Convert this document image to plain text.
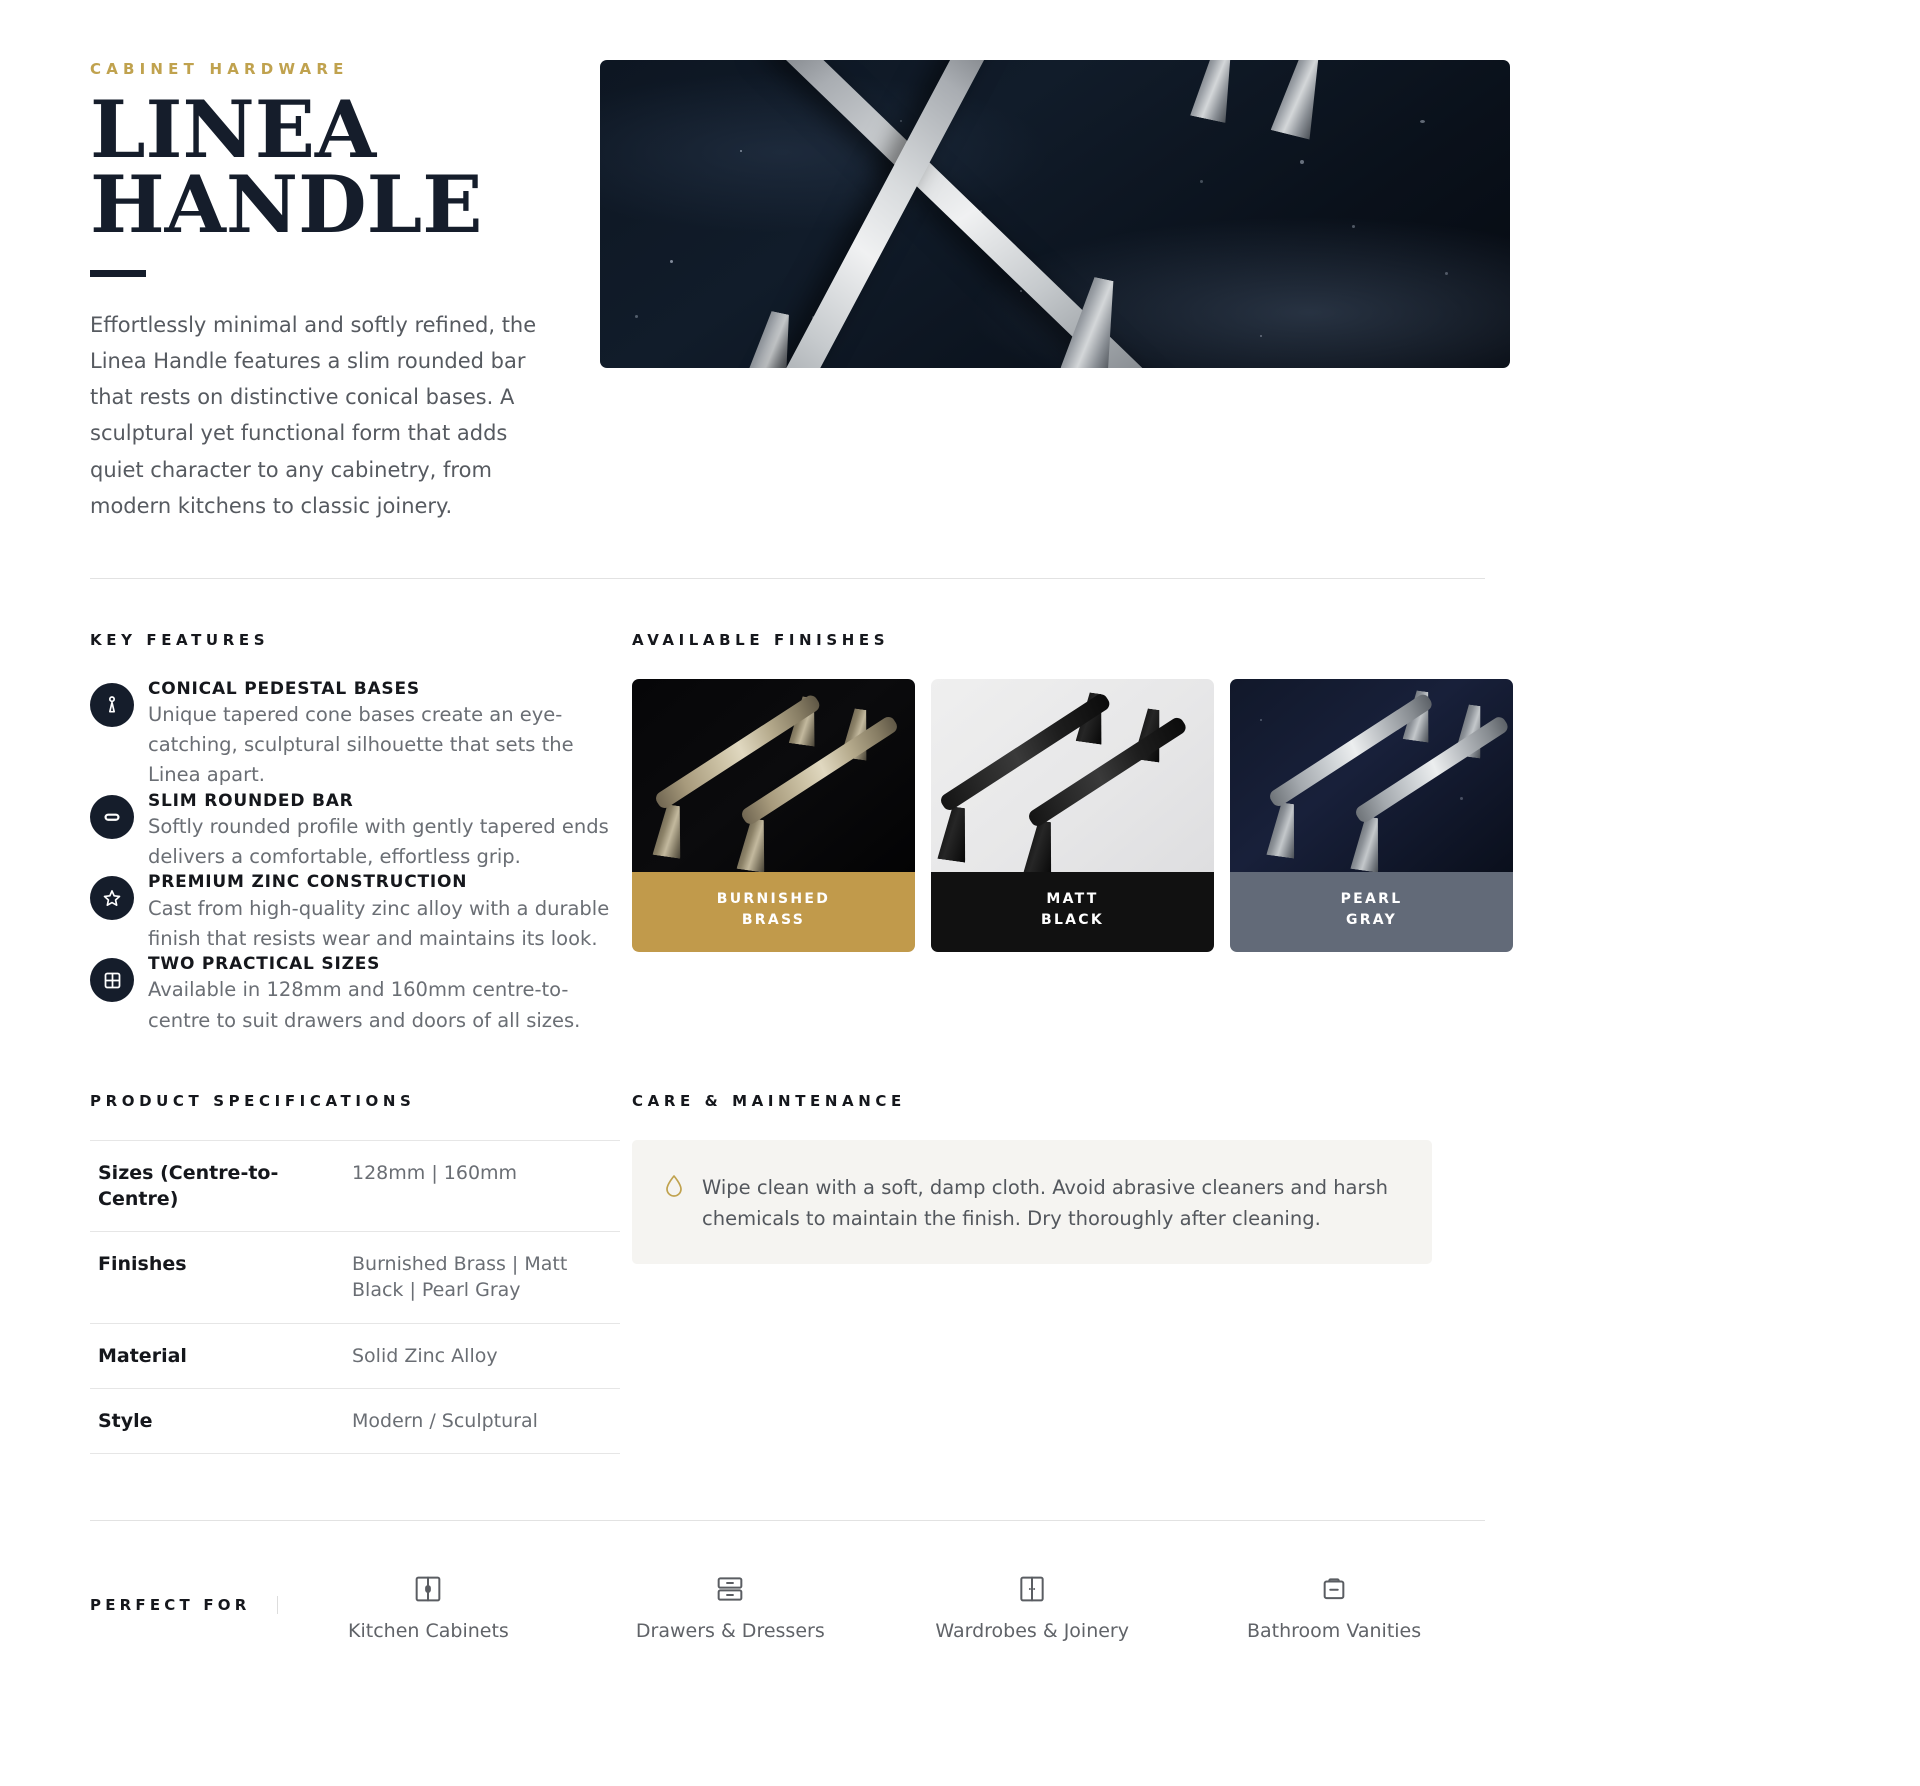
CABINET HARDWARE
LINEA
HANDLE

Effortlessly minimal and softly refined, the Linea Handle features a slim rounded bar that rests on distinctive conical bases. A sculptural yet functional form that adds quiet character to any cabinetry, from modern kitchens to classic joinery.

KEY FEATURES

CONICAL PEDESTAL BASES

Unique tapered cone bases create an eye-catching, sculptural silhouette that sets the Linea apart.

SLIM ROUNDED BAR

Softly rounded profile with gently tapered ends delivers a comfortable, effortless grip.

PREMIUM ZINC CONSTRUCTION

Cast from high-quality zinc alloy with a durable finish that resists wear and maintains its look.

TWO PRACTICAL SIZES

Available in 128mm and 160mm centre-to-centre to suit drawers and doors of all sizes.

AVAILABLE FINISHES
BURNISHED
BRASS
MATT
BLACK
PEARL
GRAY
PRODUCT SPECIFICATIONS
Sizes (Centre-to-Centre)	128mm | 160mm
Finishes	Burnished Brass | Matt Black | Pearl Gray
Material	Solid Zinc Alloy
Style	Modern / Sculptural
CARE & MAINTENANCE

Wipe clean with a soft, damp cloth. Avoid abrasive cleaners and harsh chemicals to maintain the finish. Dry thoroughly after cleaning.

PERFECT FOR
Kitchen Cabinets	Drawers & Dressers	Wardrobes & Joinery	Bathroom Vanities
